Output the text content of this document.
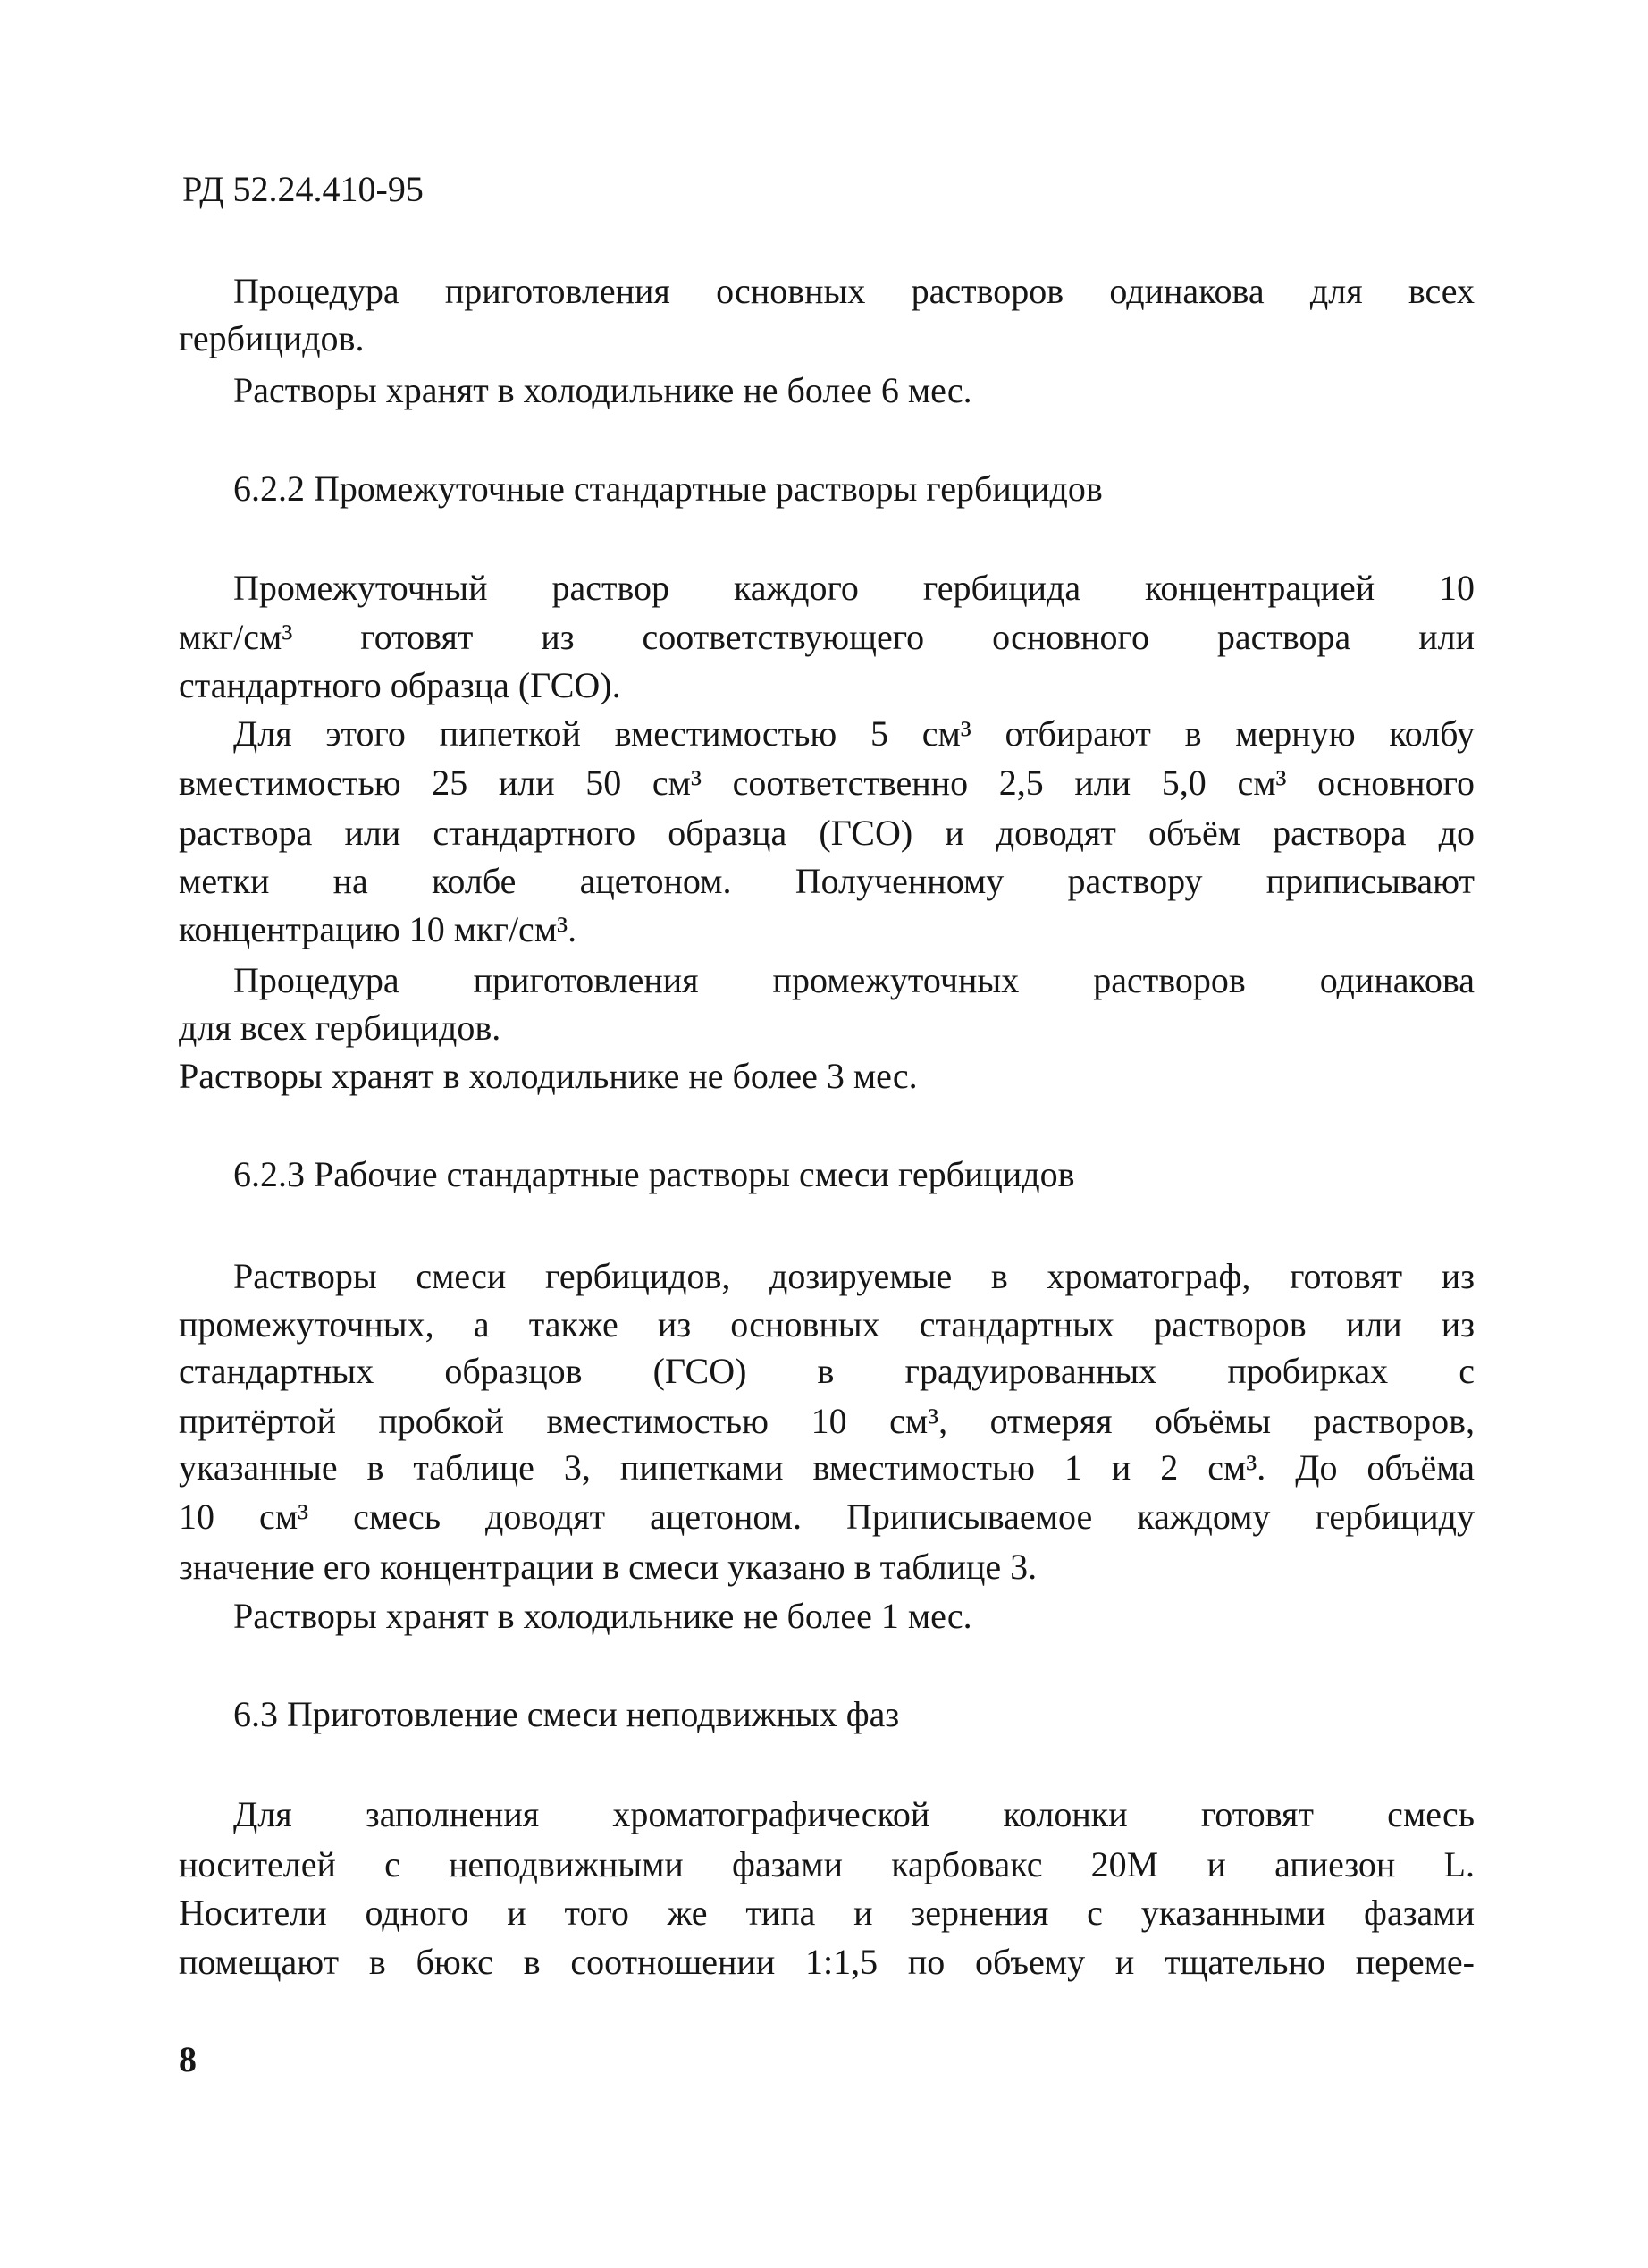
РД 52.24.410-95
Процедура приготовления основных растворов одинакова для всех
гербицидов.
Растворы хранят в холодильнике не более 6 мес.
6.2.2 Промежуточные стандартные растворы гербицидов
Промежуточный раствор каждого гербицида концентрацией 10
мкг/см³ готовят из соответствующего основного раствора или
стандартного образца (ГСО).
Для этого пипеткой вместимостью 5 см³ отбирают в мерную колбу
вместимостью 25 или 50 см³ соответственно 2,5 или 5,0 см³ основного
раствора или стандартного образца (ГСО) и доводят объём раствора до
метки на колбе ацетоном. Полученному раствору приписывают
концентрацию 10 мкг/см³.
Процедура приготовления промежуточных растворов одинакова
для всех гербицидов.
Растворы хранят в холодильнике не более 3 мес.
6.2.3 Рабочие стандартные растворы смеси гербицидов
Растворы смеси гербицидов, дозируемые в хроматограф, готовят из
промежуточных, а также из основных стандартных растворов или из
стандартных образцов (ГСО) в градуированных пробирках с
притёртой пробкой вместимостью 10 см³, отмеряя объёмы растворов,
указанные в таблице 3, пипетками вместимостью 1 и 2 см³. До объёма
10 см³ смесь доводят ацетоном. Приписываемое каждому гербициду
значение его концентрации в смеси указано в таблице 3.
Растворы хранят в холодильнике не более 1 мес.
6.3 Приготовление смеси неподвижных фаз
Для заполнения хроматографической колонки готовят смесь
носителей с неподвижными фазами карбовакс 20М и апиезон L.
Носители одного и того же типа и зернения с указанными фазами
помещают в бюкс в соотношении 1:1,5 по объему и тщательно переме-
8
